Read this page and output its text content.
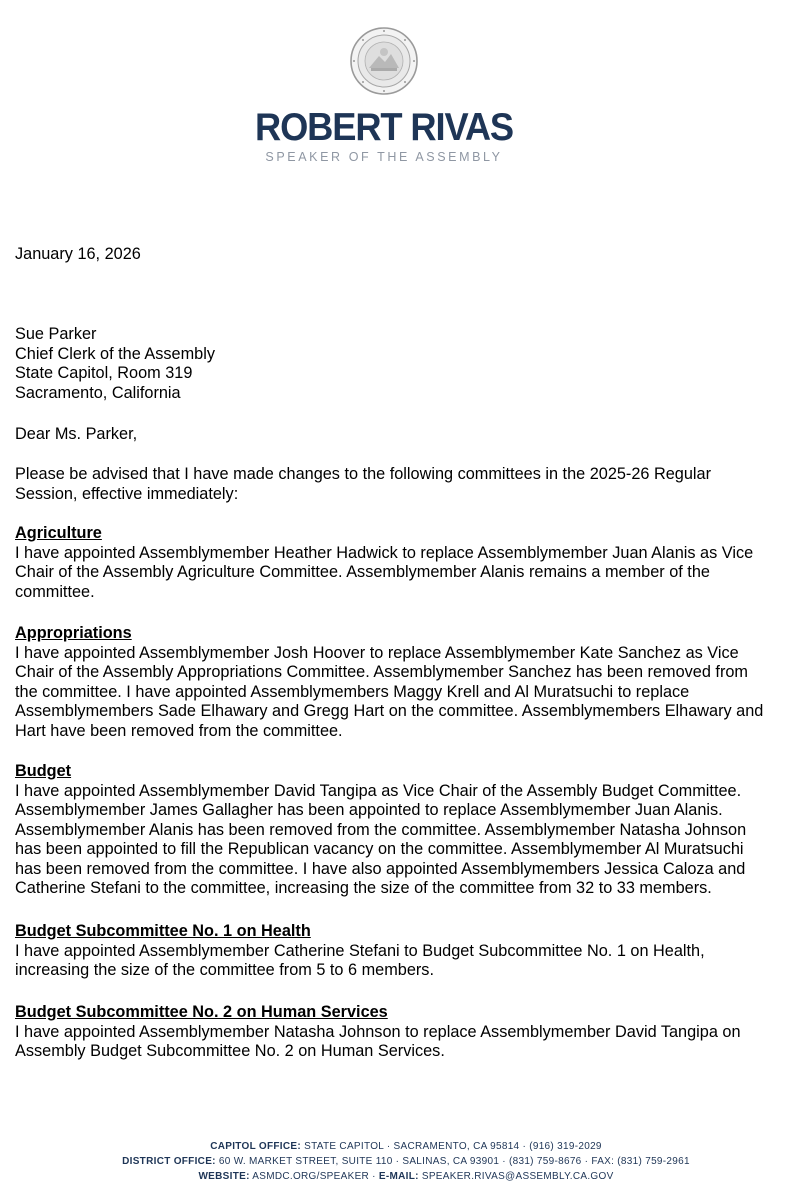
ROBERT RIVAS
SPEAKER OF THE ASSEMBLY
January 16, 2026
Sue Parker
Chief Clerk of the Assembly
State Capitol, Room 319
Sacramento, California
Dear Ms. Parker,
Please be advised that I have made changes to the following committees in the 2025-26 Regular
Session, effective immediately:
Agriculture
I have appointed Assemblymember Heather Hadwick to replace Assemblymember Juan Alanis as Vice
Chair of the Assembly Agriculture Committee. Assemblymember Alanis remains a member of the
committee.
Appropriations
I have appointed Assemblymember Josh Hoover to replace Assemblymember Kate Sanchez as Vice
Chair of the Assembly Appropriations Committee. Assemblymember Sanchez has been removed from
the committee. I have appointed Assemblymembers Maggy Krell and Al Muratsuchi to replace
Assemblymembers Sade Elhawary and Gregg Hart on the committee. Assemblymembers Elhawary and
Hart have been removed from the committee.
Budget
I have appointed Assemblymember David Tangipa as Vice Chair of the Assembly Budget Committee.
Assemblymember James Gallagher has been appointed to replace Assemblymember Juan Alanis.
Assemblymember Alanis has been removed from the committee. Assemblymember Natasha Johnson
has been appointed to fill the Republican vacancy on the committee. Assemblymember Al Muratsuchi
has been removed from the committee. I have also appointed Assemblymembers Jessica Caloza and
Catherine Stefani to the committee, increasing the size of the committee from 32 to 33 members.
Budget Subcommittee No. 1 on Health
I have appointed Assemblymember Catherine Stefani to Budget Subcommittee No. 1 on Health,
increasing the size of the committee from 5 to 6 members.
Budget Subcommittee No. 2 on Human Services
I have appointed Assemblymember Natasha Johnson to replace Assemblymember David Tangipa on
Assembly Budget Subcommittee No. 2 on Human Services.
CAPITOL OFFICE: STATE CAPITOL · SACRAMENTO, CA 95814 · (916) 319-2029
DISTRICT OFFICE: 60 W. MARKET STREET, SUITE 110 · SALINAS, CA 93901 · (831) 759-8676 · FAX: (831) 759-2961
WEBSITE: ASMDC.ORG/SPEAKER · E-MAIL: SPEAKER.RIVAS@ASSEMBLY.CA.GOV
